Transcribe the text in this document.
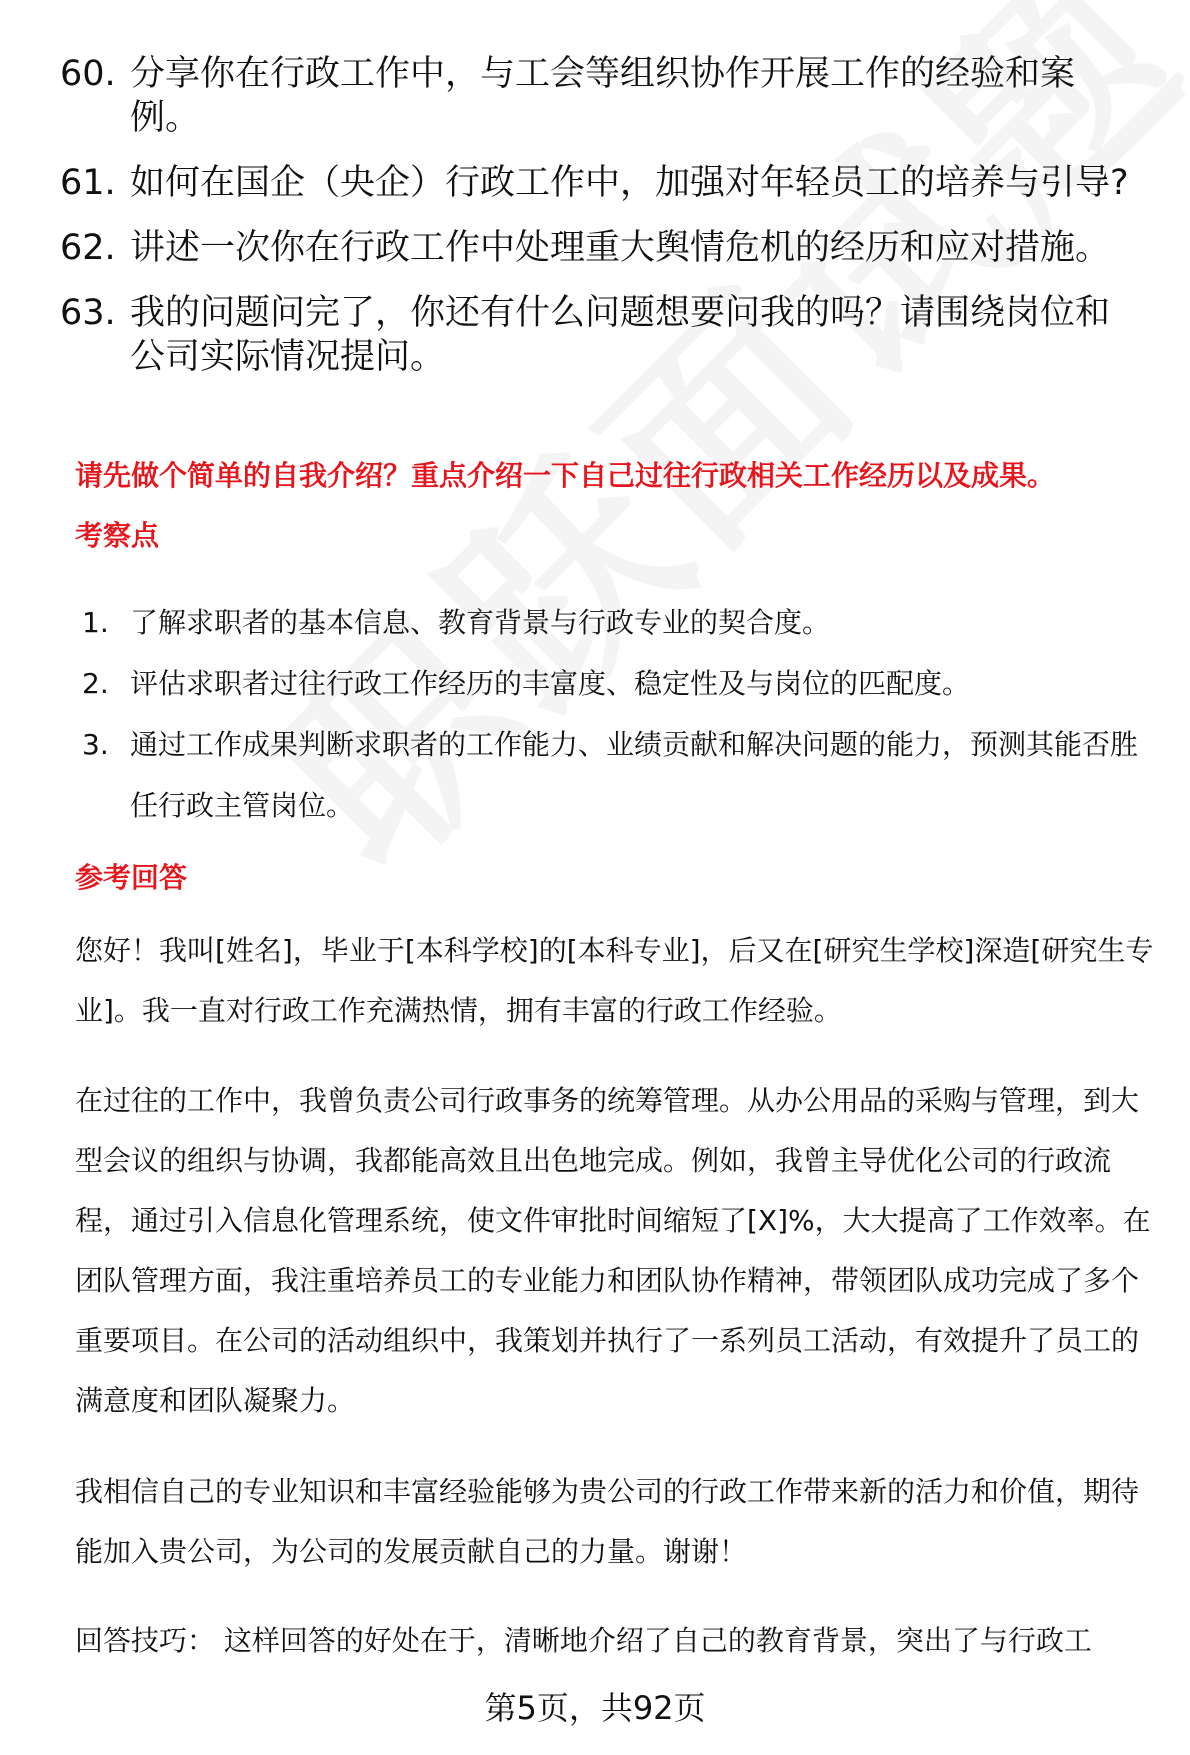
60. 分享你在行政工作中，与工会等组织协作开展工作的经验和案例。
61. 如何在国企（央企）行政工作中，加强对年轻员工的培养与引导?
62. 讲述一次你在行政工作中处理重大舆情危机的经历和应对措施。
63. 我的问题问完了，你还有什么问题想要问我的吗？请围绕岗位和公司实际情况提问。
请先做个简单的自我介绍？重点介绍一下自己过往行政相关工作经历以及成果。
考察点
1. 了解求职者的基本信息、教育背景与行政专业的契合度。
2. 评估求职者过往行政工作经历的丰富度、稳定性及与岗位的匹配度。
3. 通过工作成果判断求职者的工作能力、业绩贡献和解决问题的能力，预测其能否胜任行政主管岗位。
参考回答
您好！我叫[姓名]，毕业于[本科学校]的[本科专业]，后又在[研究生学校]深造[研究生专业]。我一直对行政工作充满热情，拥有丰富的行政工作经验。
在过往的工作中，我曾负责公司行政事务的统筹管理。从办公用品的采购与管理，到大型会议的组织与协调，我都能高效且出色地完成。例如，我曾主导优化公司的行政流程，通过引入信息化管理系统，使文件审批时间缩短了[X]%，大大提高了工作效率。在团队管理方面，我注重培养员工的专业能力和团队协作精神，带领团队成功完成了多个重要项目。在公司的活动组织中，我策划并执行了一系列员工活动，有效提升了员工的满意度和团队凝聚力。
我相信自己的专业知识和丰富经验能够为贵公司的行政工作带来新的活力和价值，期待能加入贵公司，为公司的发展贡献自己的力量。谢谢！
回答技巧： 这样回答的好处在于，清晰地介绍了自己的教育背景，突出了与行政工
第5页，共92页
